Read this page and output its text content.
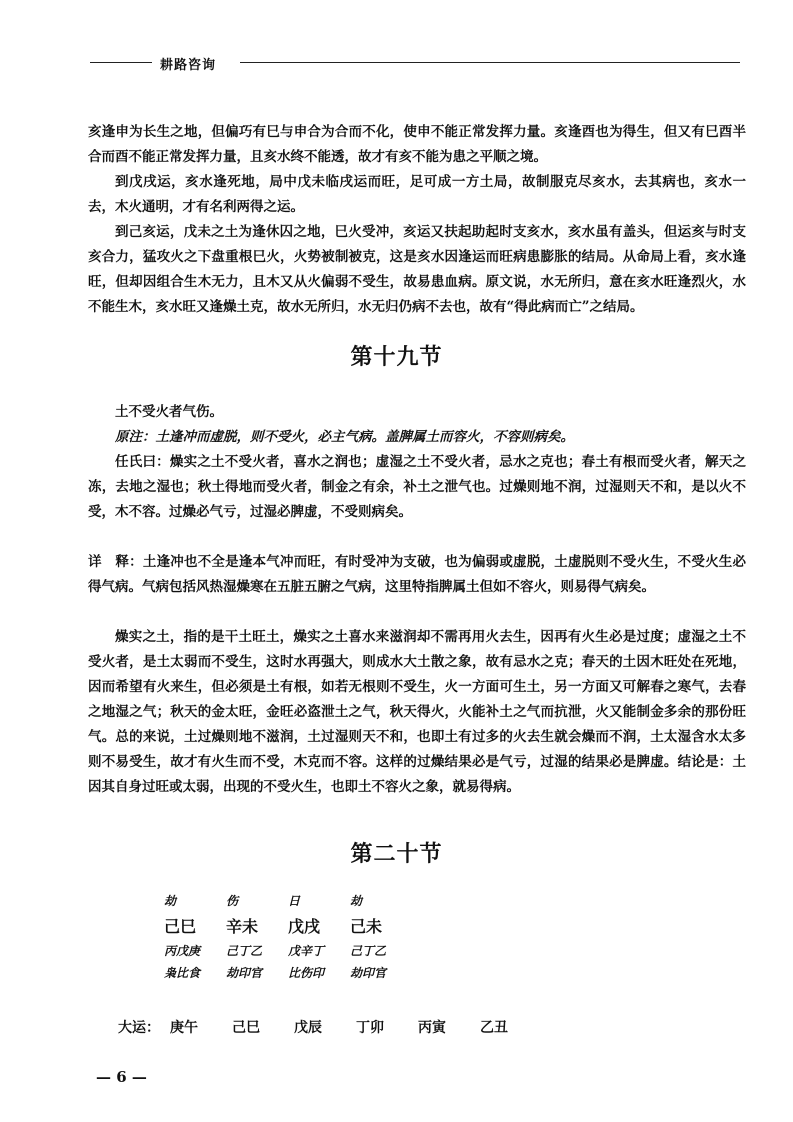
耕路咨询

亥逢申为长生之地，但偏巧有巳与申合为合而不化，使申不能正常发挥力量。亥逢酉也为得生，但又有巳酉半合而酉不能正常发挥力量，且亥水终不能透，故才有亥不能为患之平顺之境。

到戊戌运，亥水逢死地，局中戊未临戌运而旺，足可成一方土局，故制服克尽亥水，去其病也，亥水一去，木火通明，才有名利两得之运。

到己亥运，戊未之土为逢休囚之地，巳火受冲，亥运又扶起助起时支亥水，亥水虽有盖头，但运亥与时支亥合力，猛攻火之下盘重根巳火，火势被制被克，这是亥水因逢运而旺病患膨胀的结局。从命局上看，亥水逢旺，但却因组合生木无力，且木又从火偏弱不受生，故易患血病。原文说，水无所归，意在亥水旺逢烈火，水不能生木，亥水旺又逢燥土克，故水无所归，水无归仍病不去也，故有“得此病而亡”之结局。

第十九节

土不受火者气伤。

原注：土逢冲而虚脱，则不受火，必主气病。盖脾属土而容火，不容则病矣。

任氏曰：燥实之土不受火者，喜水之润也；虚湿之土不受火者，忌水之克也；春土有根而受火者，解天之冻，去地之湿也；秋土得地而受火者，制金之有余，补土之泄气也。过燥则地不润，过湿则天不和，是以火不受，木不容。过燥必气亏，过湿必脾虚，不受则病矣。

详　释：土逢冲也不全是逢本气冲而旺，有时受冲为支破，也为偏弱或虚脱，土虚脱则不受火生，不受火生必得气病。气病包括风热湿燥寒在五脏五腑之气病，这里特指脾属土但如不容火，则易得气病矣。

燥实之土，指的是干土旺土，燥实之土喜水来滋润却不需再用火去生，因再有火生必是过度；虚湿之土不受火者，是土太弱而不受生，这时水再强大，则成水大土散之象，故有忌水之克；春天的土因木旺处在死地，因而希望有火来生，但必须是土有根，如若无根则不受生，火一方面可生土，另一方面又可解春之寒气，去春之地湿之气；秋天的金太旺，金旺必盗泄土之气，秋天得火，火能补土之气而抗泄，火又能制金多余的那份旺气。总的来说，土过燥则地不滋润，土过湿则天不和，也即土有过多的火去生就会燥而不润，土太湿含水太多则不易受生，故才有火生而不受，木克而不容。这样的过燥结果必是气亏，过湿的结果必是脾虚。结论是：土因其自身过旺或太弱，出现的不受火生，也即土不容火之象，就易得病。

第二十节
劫	伤	日	劫
己巳	辛未	戊戌	己未
丙戊庚	己丁乙	戊辛丁	己丁乙
枭比食	劫印官	比伤印	劫印官
大运： 庚午	己巳	戊辰	丁卯	丙寅	乙丑
— 6 —
